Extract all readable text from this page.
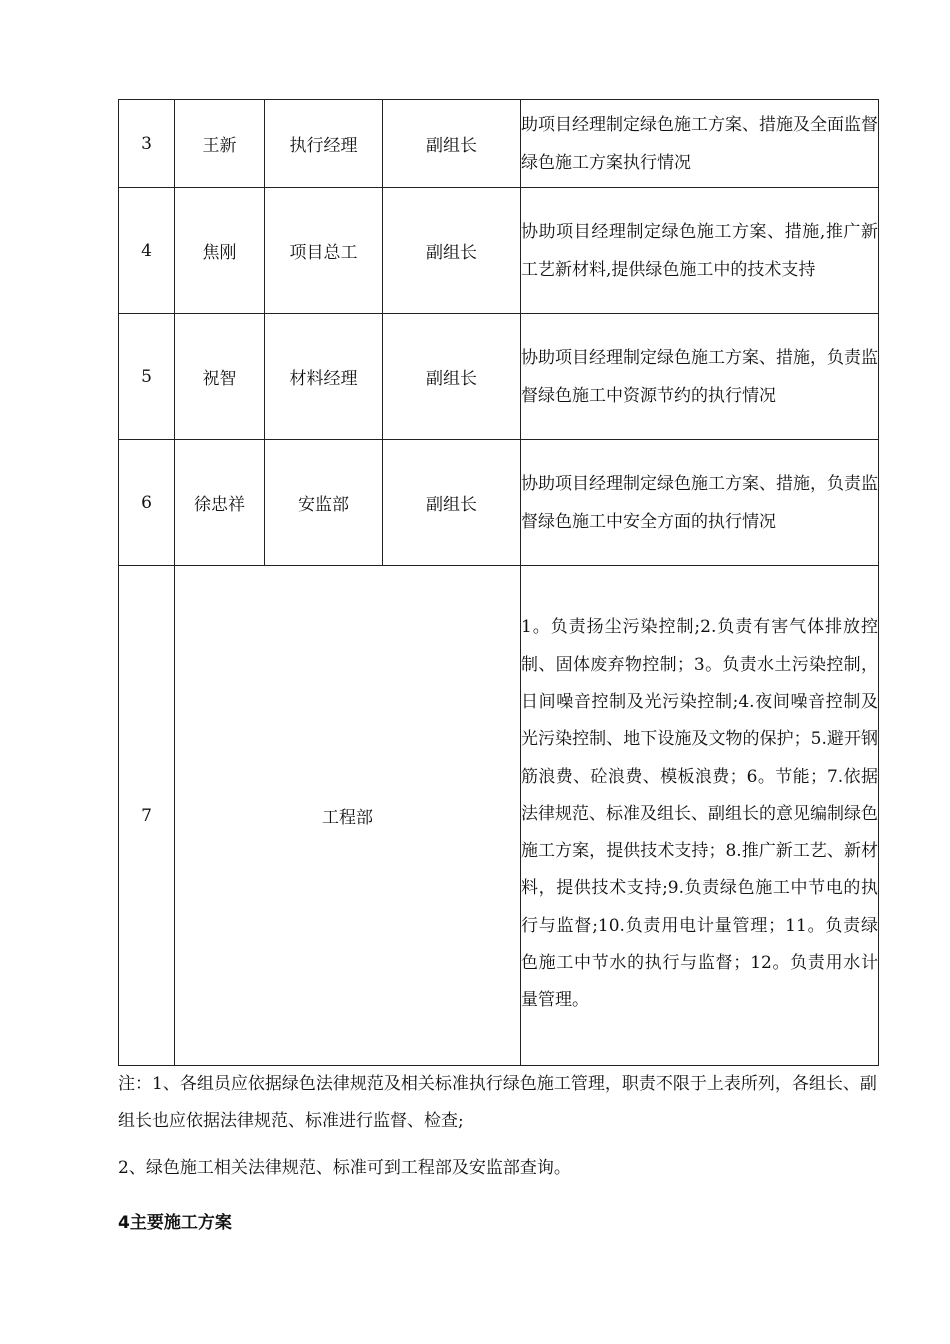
3	王新	执行经理	副组长	助项目经理制定绿色施工方案、措施及全面监督绿色施工方案执行情况
4	焦刚	项目总工	副组长	协助项目经理制定绿色施工方案、措施,推广新工艺新材料,提供绿色施工中的技术支持
5	祝智	材料经理	副组长	协助项目经理制定绿色施工方案、措施，负责监督绿色施工中资源节约的执行情况
6	徐忠祥	安监部	副组长	协助项目经理制定绿色施工方案、措施，负责监督绿色施工中安全方面的执行情况
7	工程部			1。负责扬尘污染控制;2.负责有害气体排放控制、固体废弃物控制；3。负责水土污染控制，日间噪音控制及光污染控制;4.夜间噪音控制及光污染控制、地下设施及文物的保护；5.避开钢筋浪费、砼浪费、模板浪费；6。节能；7.依据法律规范、标准及组长、副组长的意见编制绿色施工方案，提供技术支持；8.推广新工艺、新材料，提供技术支持;9.负责绿色施工中节电的执行与监督;10.负责用电计量管理；11。负责绿色施工中节水的执行与监督；12。负责用水计量管理。
注：1、各组员应依据绿色法律规范及相关标准执行绿色施工管理，职责不限于上表所列，各组长、副组长也应依据法律规范、标准进行监督、检查;
2、绿色施工相关法律规范、标准可到工程部及安监部查询。
4主要施工方案
